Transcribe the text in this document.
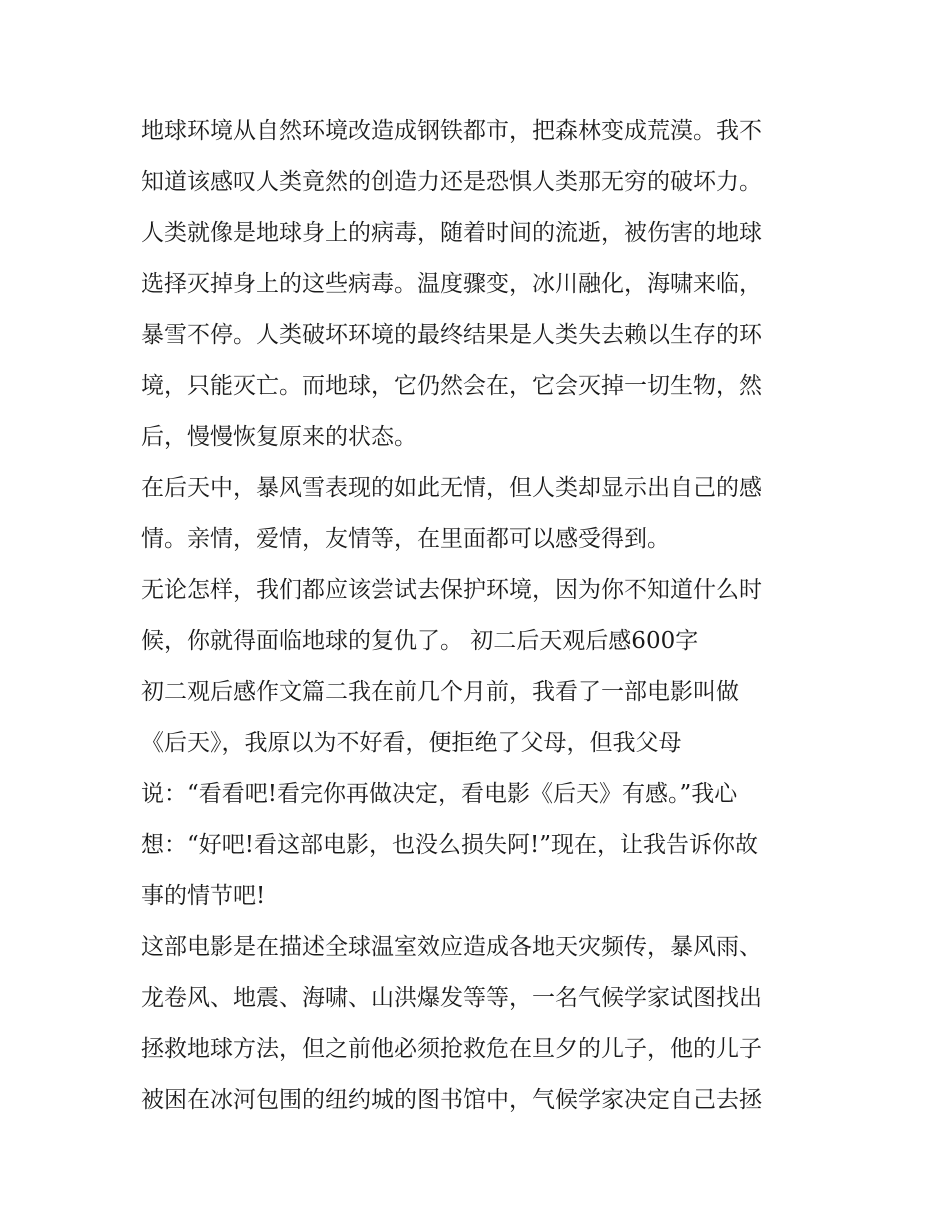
地球环境从自然环境改造成钢铁都市，把森林变成荒漠。我不
知道该感叹人类竟然的创造力还是恐惧人类那无穷的破坏力。
人类就像是地球身上的病毒，随着时间的流逝，被伤害的地球
选择灭掉身上的这些病毒。温度骤变，冰川融化，海啸来临，
暴雪不停。人类破坏环境的最终结果是人类失去赖以生存的环
境，只能灭亡。而地球，它仍然会在，它会灭掉一切生物，然
后，慢慢恢复原来的状态。
在后天中，暴风雪表现的如此无情，但人类却显示出自己的感
情。亲情，爱情，友情等，在里面都可以感受得到。
无论怎样，我们都应该尝试去保护环境，因为你不知道什么时
候，你就得面临地球的复仇了。 初二后天观后感600字
初二观后感作文篇二我在前几个月前，我看了一部电影叫做
《后天》，我原以为不好看，便拒绝了父母，但我父母
说：“看看吧!看完你再做决定，看电影《后天》有感。”我心
想：“好吧!看这部电影，也没么损失阿!”现在，让我告诉你故
事的情节吧!
这部电影是在描述全球温室效应造成各地天灾频传，暴风雨、
龙卷风、地震、海啸、山洪爆发等等，一名气候学家试图找出
拯救地球方法，但之前他必须抢救危在旦夕的儿子，他的儿子
被困在冰河包围的纽约城的图书馆中，气候学家决定自己去拯
